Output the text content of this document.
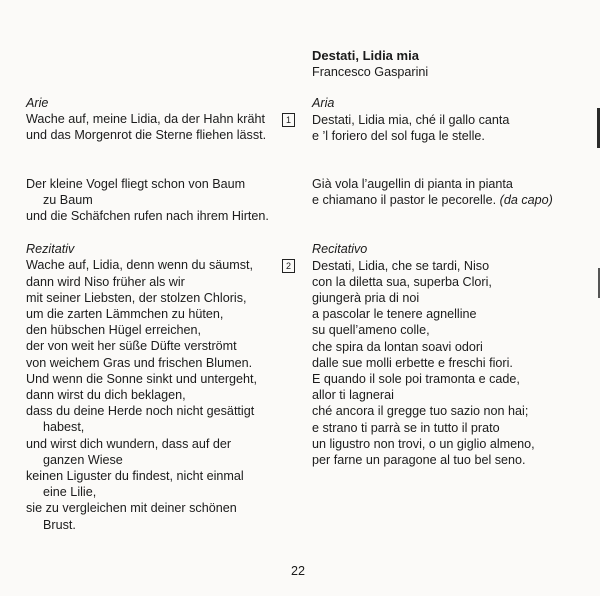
Arie
Wache auf, meine Lidia, da der Hahn kräht
und das Morgenrot die Sterne fliehen lässt.
Der kleine Vogel fliegt schon von Baum
zu Baum
und die Schäfchen rufen nach ihrem Hirten.
Rezitativ
Wache auf, Lidia, denn wenn du säumst,
dann wird Niso früher als wir
mit seiner Liebsten, der stolzen Chloris,
um die zarten Lämmchen zu hüten,
den hübschen Hügel erreichen,
der von weit her süße Düfte verströmt
von weichem Gras und frischen Blumen.
Und wenn die Sonne sinkt und untergeht,
dann wirst du dich beklagen,
dass du deine Herde noch nicht gesättigt
habest,
und wirst dich wundern, dass auf der
ganzen Wiese
keinen Liguster du findest, nicht einmal
eine Lilie,
sie zu vergleichen mit deiner schönen
Brust.
Destati, Lidia mia
Francesco Gasparini
Aria
1	Destati, Lidia mia, ché il gallo canta
e ’l foriero del sol fuga le stelle.
Già vola l’augellin di pianta in pianta
e chiamano il pastor le pecorelle. (da capo)
Recitativo
2	Destati, Lidia, che se tardi, Niso
con la diletta sua, superba Clori,
giungerà pria di noi
a pascolar le tenere agnelline
su quell’ameno colle,
che spira da lontan soavi odori
dalle sue molli erbette e freschi fiori.
E quando il sole poi tramonta e cade,
allor ti lagnerai
ché ancora il gregge tuo sazio non hai;
e strano ti parrà se in tutto il prato
un ligustro non trovi, o un giglio almeno,
per farne un paragone al tuo bel seno.
22
